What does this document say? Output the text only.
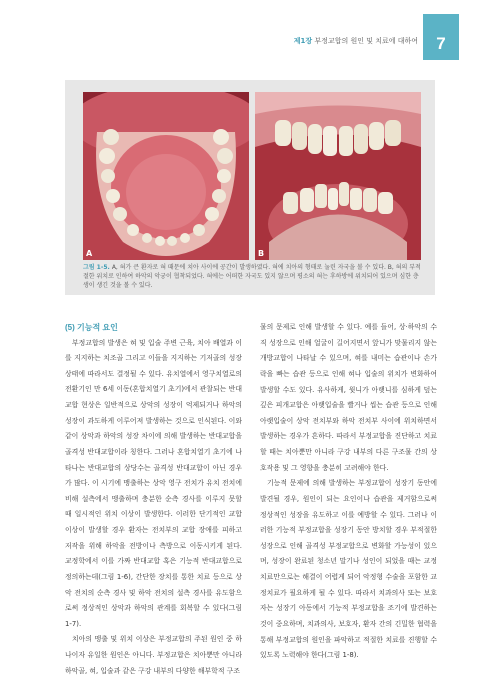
제1장 부정교합의 원인 및 치료에 대하여	7
A	B
그림 1-5. A, 혀가 큰 환자로 혀 때문에 치아 사이에 공간이 발생하였다. 혀에 치아의 형태로 눌린 자국을 볼 수 있다. B, 혀의 부적절한 위치로 인하여 하악의 악궁이 협착되었다. 혀에는 어떠한 자국도 있지 않으며 평소의 혀는 후하방에 위치되어 있으며 심한 층생이 생긴 것을 볼 수 있다.
(5) 기능적 요인

부정교합의 발생은 혀 및 입술 주변 근육, 치아 배열과 이를 지지하는 치조골 그리고 이들을 지지하는 기저골의 성장 상태에 따라서도 결정될 수 있다. 유치열에서 영구치열로의 전환기인 만 6세 이동(혼합치열기 초기)에서 관찰되는 반대교합 현상은 일반적으로 상악의 성장이 억제되거나 하악의 성장이 과도하게 이루어져 발생하는 것으로 인식된다. 이와 같이 상악과 하악의 성장 차이에 의해 발생하는 반대교합을 골격성 반대교합이라 칭한다. 그러나 혼합치열기 초기에 나타나는 반대교합의 상당수는 골격성 반대교합이 아닌 경우가 많다. 이 시기에 맹출하는 상악 영구 전치가 유치 전치에 비해 설측에서 맹출하며 충분한 순측 경사를 이루지 못할 때 일시적인 위치 이상이 발생한다. 이러한 단기적인 교합 이상이 발생할 경우 환자는 전치부의 교합 장애를 피하고 저작을 위해 하악을 전방이나 측방으로 이동시키게 된다. 교정학에서 이를 가짜 반대교합 혹은 기능적 반대교합으로 정의하는데(그림 1-6), 간단한 장치를 통한 치료 등으로 상악 전치의 순측 경사 및 하악 전치의 설측 경사를 유도함으로써 정상적인 상악과 하악의 관계를 회복할 수 있다(그림 1-7).

치아의 맹출 및 위치 이상은 부정교합의 주된 원인 중 하나이자 유일한 원인은 아니다. 부정교합은 치아뿐만 아니라 하악골, 혀, 입술과 같은 구강 내부의 다양한 해부학적 구조

물의 문제로 인해 발생할 수 있다. 예를 들어, 상·하악의 수직 성장으로 인해 얼굴이 길어지면서 앞니가 맞물리지 않는 개방교합이 나타날 수 있으며, 혀를 내미는 습관이나 손가락을 빠는 습관 등으로 인해 혀나 입술의 위치가 변화하여 발생할 수도 있다. 유사하게, 윗니가 아랫니를 심하게 덮는 깊은 피개교합은 아랫입술을 빨거나 씹는 습관 등으로 인해 아랫입술이 상악 전치부와 하악 전치부 사이에 위치하면서 발생하는 경우가 흔하다. 따라서 부정교합을 진단하고 치료할 때는 치아뿐만 아니라 구강 내부의 다른 구조물 간의 상호작용 및 그 영향을 충분히 고려해야 한다.

기능적 문제에 의해 발생하는 부정교합이 성장기 동안에 발견될 경우, 원인이 되는 요인이나 습관을 제거함으로써 정상적인 성장을 유도하고 이를 예방할 수 있다. 그러나 이러한 기능적 부정교합을 성장기 동안 방치할 경우 부적절한 성장으로 인해 골격성 부정교합으로 변화할 가능성이 있으며, 성장이 완료된 청소년 말기나 성인이 되었을 때는 교정치료만으로는 해결이 어렵게 되어 악정형 수술을 포함한 교정치료가 필요하게 될 수 있다. 따라서 치과의사 또는 보호자는 성장기 아동에서 기능적 부정교합을 조기에 발견하는 것이 중요하며, 치과의사, 보호자, 환자 간의 긴밀한 협력을 통해 부정교합의 원인을 파악하고 적절한 치료를 진행할 수 있도록 노력해야 한다(그림 1-8).
